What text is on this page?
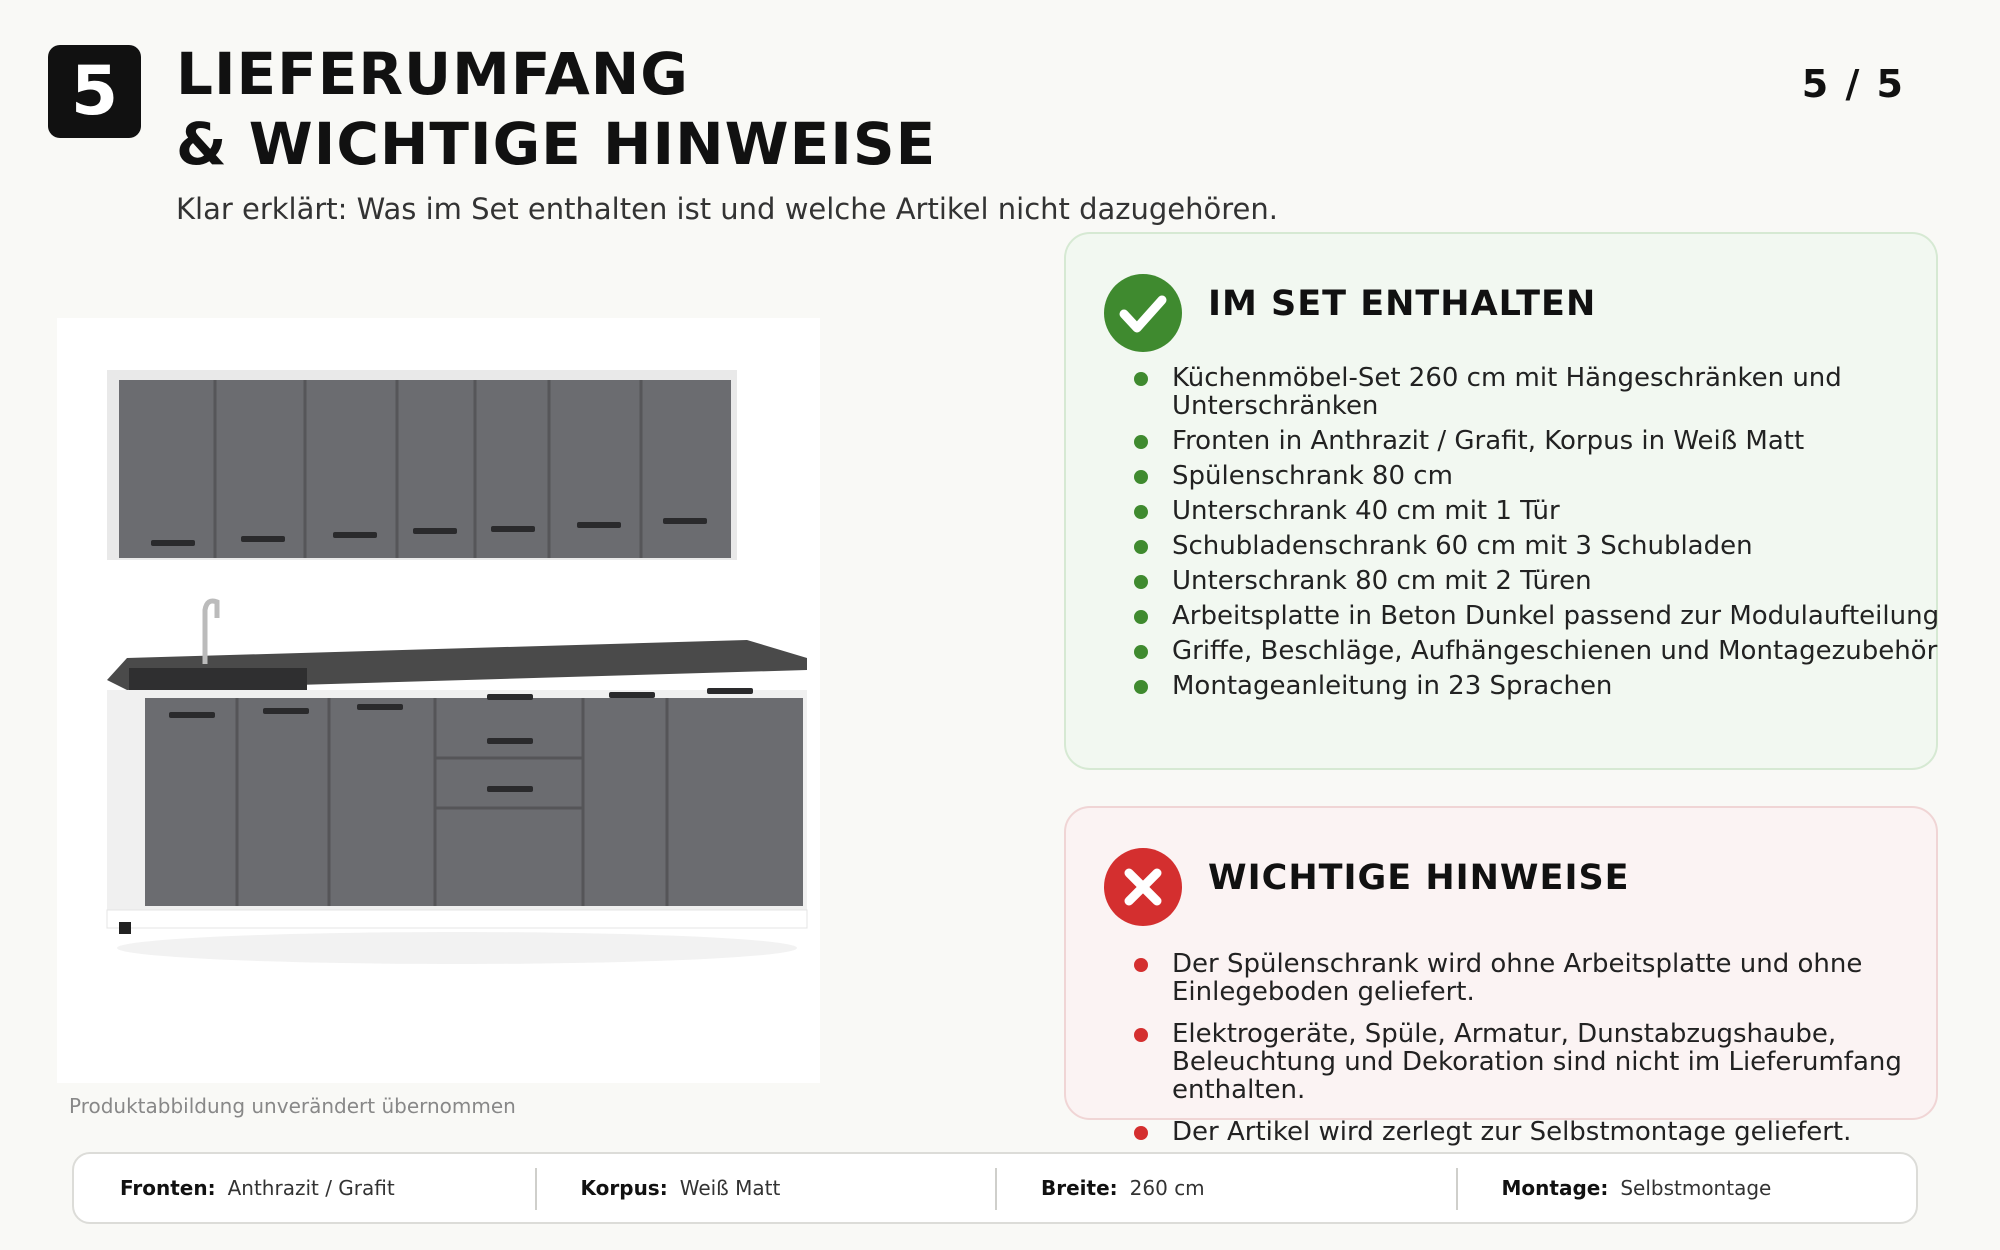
5 LIEFERUMFANG
& WICHTIGE HINWEISE
5 / 5
Klar erklärt: Was im Set enthalten ist und welche Artikel nicht dazugehören.
Produktabbildung unverändert übernommen
IM SET ENTHALTEN
Küchenmöbel-Set 260 cm mit Hängeschränken und Unterschränken
Fronten in Anthrazit / Grafit, Korpus in Weiß Matt
Spülenschrank 80 cm
Unterschrank 40 cm mit 1 Tür
Schubladenschrank 60 cm mit 3 Schubladen
Unterschrank 80 cm mit 2 Türen
Arbeitsplatte in Beton Dunkel passend zur Modulaufteilung
Griffe, Beschläge, Aufhängeschienen und Montagezubehör
Montageanleitung in 23 Sprachen
WICHTIGE HINWEISE
Der Spülenschrank wird ohne Arbeitsplatte und ohne Einlegeboden geliefert.
Elektrogeräte, Spüle, Armatur, Dunstabzugshaube, Beleuchtung und Dekoration sind nicht im Lieferumfang enthalten.
Der Artikel wird zerlegt zur Selbstmontage geliefert.
Fronten: Anthrazit / Grafit	Korpus: Weiß Matt	Breite: 260 cm	Montage: Selbstmontage
